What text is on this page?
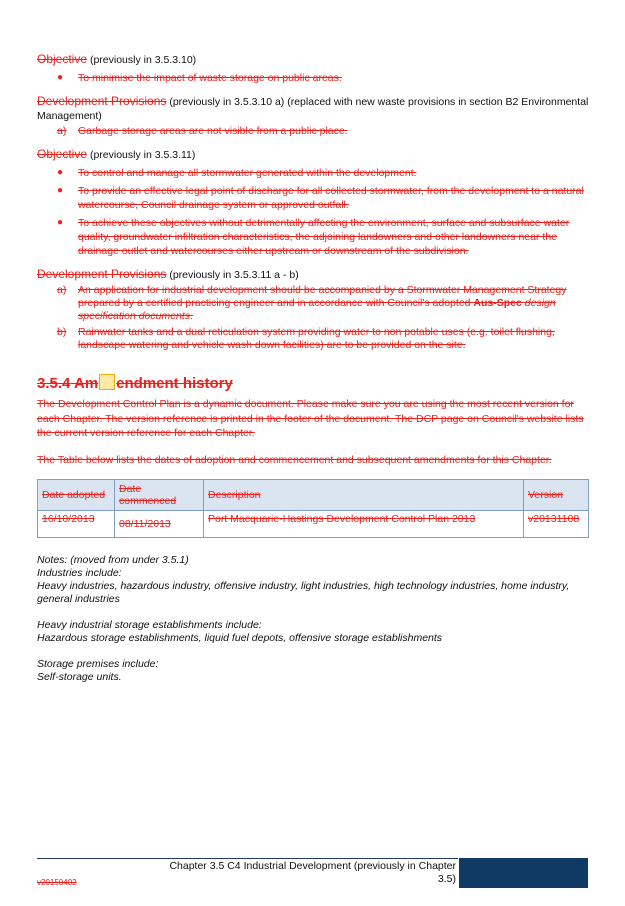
Objective (previously in 3.5.3.10)

● To minimise the impact of waste storage on public areas.

Development Provisions (previously in 3.5.3.10 a) (replaced with new waste provisions in section B2 Environmental Management)

a) Garbage storage areas are not visible from a public place.

Objective (previously in 3.5.3.11)

● To control and manage all stormwater generated within the development.
● To provide an effective legal point of discharge for all collected stormwater, from the development to a natural watercourse, Council drainage system or approved outfall.
● To achieve these objectives without detrimentally affecting the environment, surface and subsurface water quality, groundwater infiltration characteristics, the adjoining landowners and other landowners near the drainage outlet and watercourses either upstream or downstream of the subdivision.

Development Provisions (previously in 3.5.3.11 a - b)

a) An application for industrial development should be accompanied by a Stormwater Management Strategy prepared by a certified practicing engineer and in accordance with Council's adopted Aus-Spec design specification documents.
b) Rainwater tanks and a dual reticulation system providing water to non potable uses (e.g. toilet flushing, landscape watering and vehicle wash down facilities) are to be provided on the site.
3.5.4 Am endment history

The Development Control Plan is a dynamic document. Please make sure you are using the most recent version for each Chapter. The version reference is printed in the footer of the document. The DCP page on Council's website lists the current version reference for each Chapter.

The Table below lists the dates of adoption and commencement and subsequent amendments for this Chapter.

Date adopted	Date commenced	Description	Version
16/10/2013	08/11/2013	Port Macquarie-Hastings Development Control Plan 2013	v20131108

Notes: (moved from under 3.5.1)

Industries include:

Heavy industries, hazardous industry, offensive industry, light industries, high technology industries, home industry, general industries

Heavy industrial storage establishments include:

Hazardous storage establishments, liquid fuel depots, offensive storage establishments

Storage premises include:

Self-storage units.

Chapter 3.5 C4 Industrial Development (previously in Chapter 3.5)
v20150402
